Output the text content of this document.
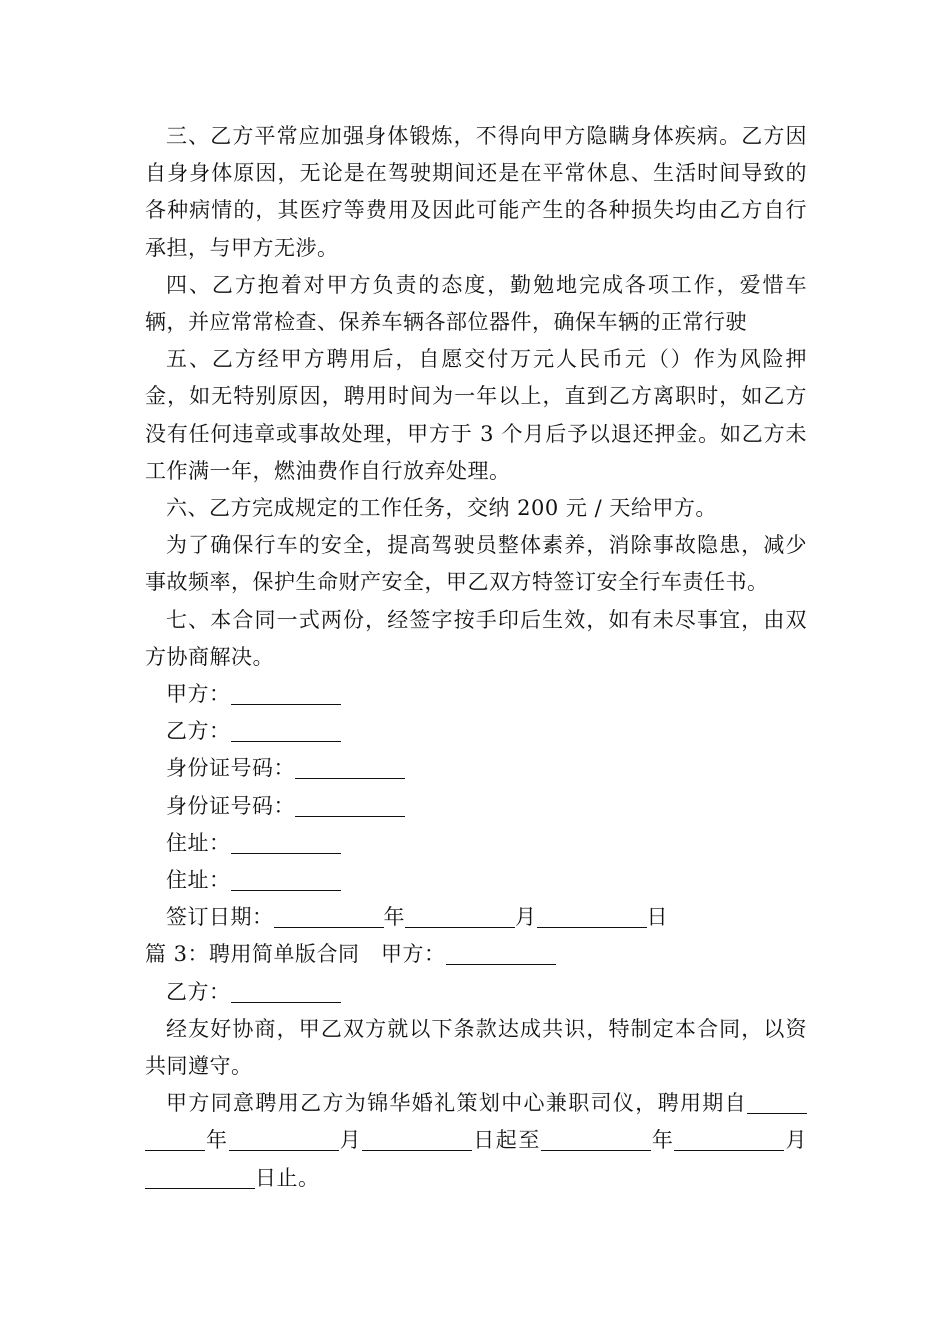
三、乙方平常应加强身体锻炼，不得向甲方隐瞒身体疾病。乙方因自身身体原因，无论是在驾驶期间还是在平常休息、生活时间导致的各种病情的，其医疗等费用及因此可能产生的各种损失均由乙方自行承担，与甲方无涉。

四、乙方抱着对甲方负责的态度，勤勉地完成各项工作，爱惜车辆，并应常常检查、保养车辆各部位器件，确保车辆的正常行驶

五、乙方经甲方聘用后，自愿交付万元人民币元（）作为风险押金，如无特别原因，聘用时间为一年以上，直到乙方离职时，如乙方没有任何违章或事故处理，甲方于 3 个月后予以退还押金。如乙方未工作满一年，燃油费作自行放弃处理。

六、乙方完成规定的工作任务，交纳 200 元 / 天给甲方。

为了确保行车的安全，提高驾驶员整体素养，消除事故隐患，减少事故频率，保护生命财产安全，甲乙双方特签订安全行车责任书。

七、本合同一式两份，经签字按手印后生效，如有未尽事宜，由双方协商解决。

甲方：
乙方：
身份证号码：
身份证号码：
住址：
住址：
签订日期：	年	月	日
篇 3：聘用简单版合同　甲方：
乙方：

经友好协商，甲乙双方就以下条款达成共识，特制定本合同，以资共同遵守。

甲方同意聘用乙方为锦华婚礼策划中心兼职司仪，聘用期自年	月	日起至	年	月日止。
